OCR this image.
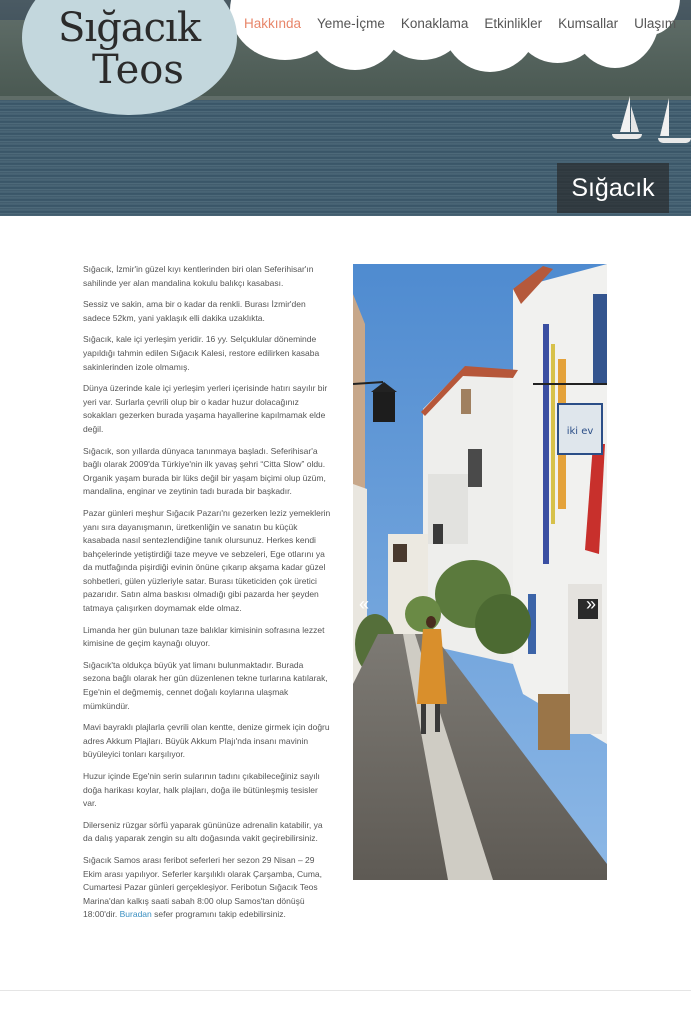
Sığacık
Teos
Hakkında Yeme-İçme Konaklama Etkinlikler Kumsallar Ulaşım
Sığacık

Sığacık, İzmir'in güzel kıyı kentlerinden biri olan Seferihisar'ın sahilinde yer alan mandalina kokulu balıkçı kasabası.

Sessiz ve sakin, ama bir o kadar da renkli. Burası İzmir'den sadece 52km, yani yaklaşık elli dakika uzaklıkta.

Sığacık, kale içi yerleşim yeridir. 16 yy. Selçuklular döneminde yapıldığı tahmin edilen Sığacık Kalesi, restore edilirken kasaba sakinlerinden izole olmamış.

Dünya üzerinde kale içi yerleşim yerleri içerisinde hatırı sayılır bir yeri var. Surlarla çevrili olup bir o kadar huzur dolacağınız sokakları gezerken burada yaşama hayallerine kapılmamak elde değil.

Sığacık, son yıllarda dünyaca tanınmaya başladı. Seferihisar'a bağlı olarak 2009'da Türkiye'nin ilk yavaş şehri “Citta Slow” oldu. Organik yaşam burada bir lüks değil bir yaşam biçimi olup üzüm, mandalina, enginar ve zeytinin tadı burada bir başkadır.

Pazar günleri meşhur Sığacık Pazarı'nı gezerken leziz yemeklerin yanı sıra dayanışmanın, üretkenliğin ve sanatın bu küçük kasabada nasıl sentezlendiğine tanık olursunuz. Herkes kendi bahçelerinde yetiştirdiği taze meyve ve sebzeleri, Ege otlarını ya da mutfağında pişirdiği evinin önüne çıkarıp akşama kadar güzel sohbetleri, gülen yüzleriyle satar. Burası tüketiciden çok üretici pazarıdır. Satın alma baskısı olmadığı gibi pazarda her şeyden tatmaya çalışırken doymamak elde olmaz.

Limanda her gün bulunan taze balıklar kimisinin sofrasına lezzet kimisine de geçim kaynağı oluyor.

Sığacık'ta oldukça büyük yat limanı bulunmaktadır. Burada sezona bağlı olarak her gün düzenlenen tekne turlarına katılarak, Ege'nin el değmemiş, cennet doğalı koylarına ulaşmak mümkündür.

Mavi bayraklı plajlarla çevrili olan kentte, denize girmek için doğru adres Akkum Plajları. Büyük Akkum Plajı'nda insanı mavinin büyüleyici tonları karşılıyor.

Huzur içinde Ege'nin serin sularının tadını çıkabileceğiniz sayılı doğa harikası koylar, halk plajları, doğa ile bütünleşmiş tesisler var.

Dilerseniz rüzgar sörfü yaparak gününüze adrenalin katabilir, ya da dalış yaparak zengin su altı doğasında vakit geçirebilirsiniz.

Sığacık Samos arası feribot seferleri her sezon 29 Nisan – 29 Ekim arası yapılıyor. Seferler karşılıklı olarak Çarşamba, Cuma, Cumartesi Pazar günleri gerçekleşiyor. Feribotun Sığacık Teos Marina'dan kalkış saati sabah 8:00 olup Samos'tan dönüşü 18:00'dir. Buradan sefer programını takip edebilirsiniz.

iki ev
«	»
